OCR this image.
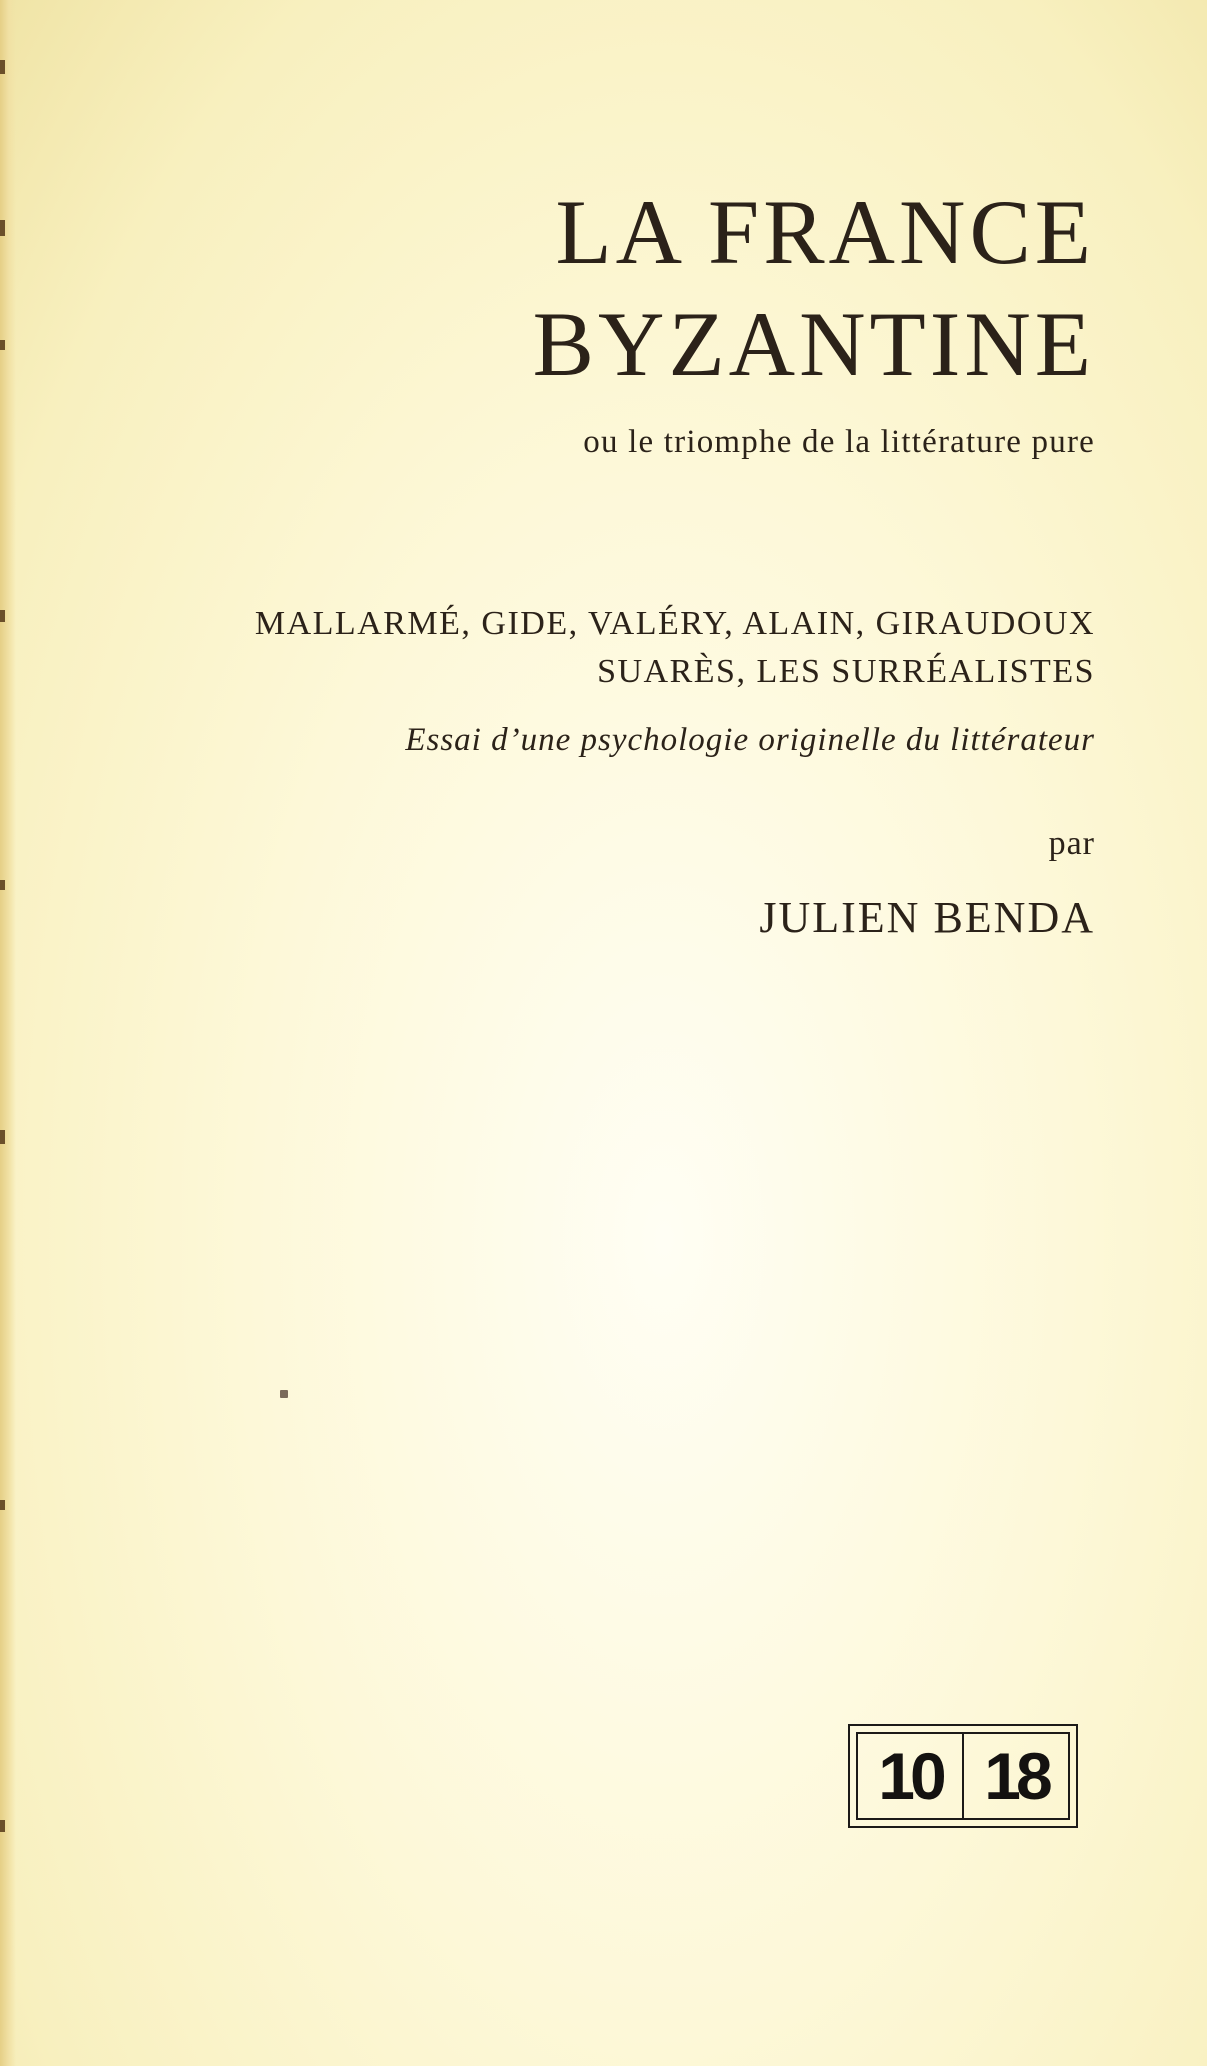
LA FRANCE
BYZANTINE
ou le triomphe de la littérature pure
MALLARMÉ, GIDE, VALÉRY, ALAIN, GIRAUDOUX
SUARÈS, LES SURRÉALISTES
Essai d’une psychologie originelle du littérateur
par
JULIEN BENDA
10 18
